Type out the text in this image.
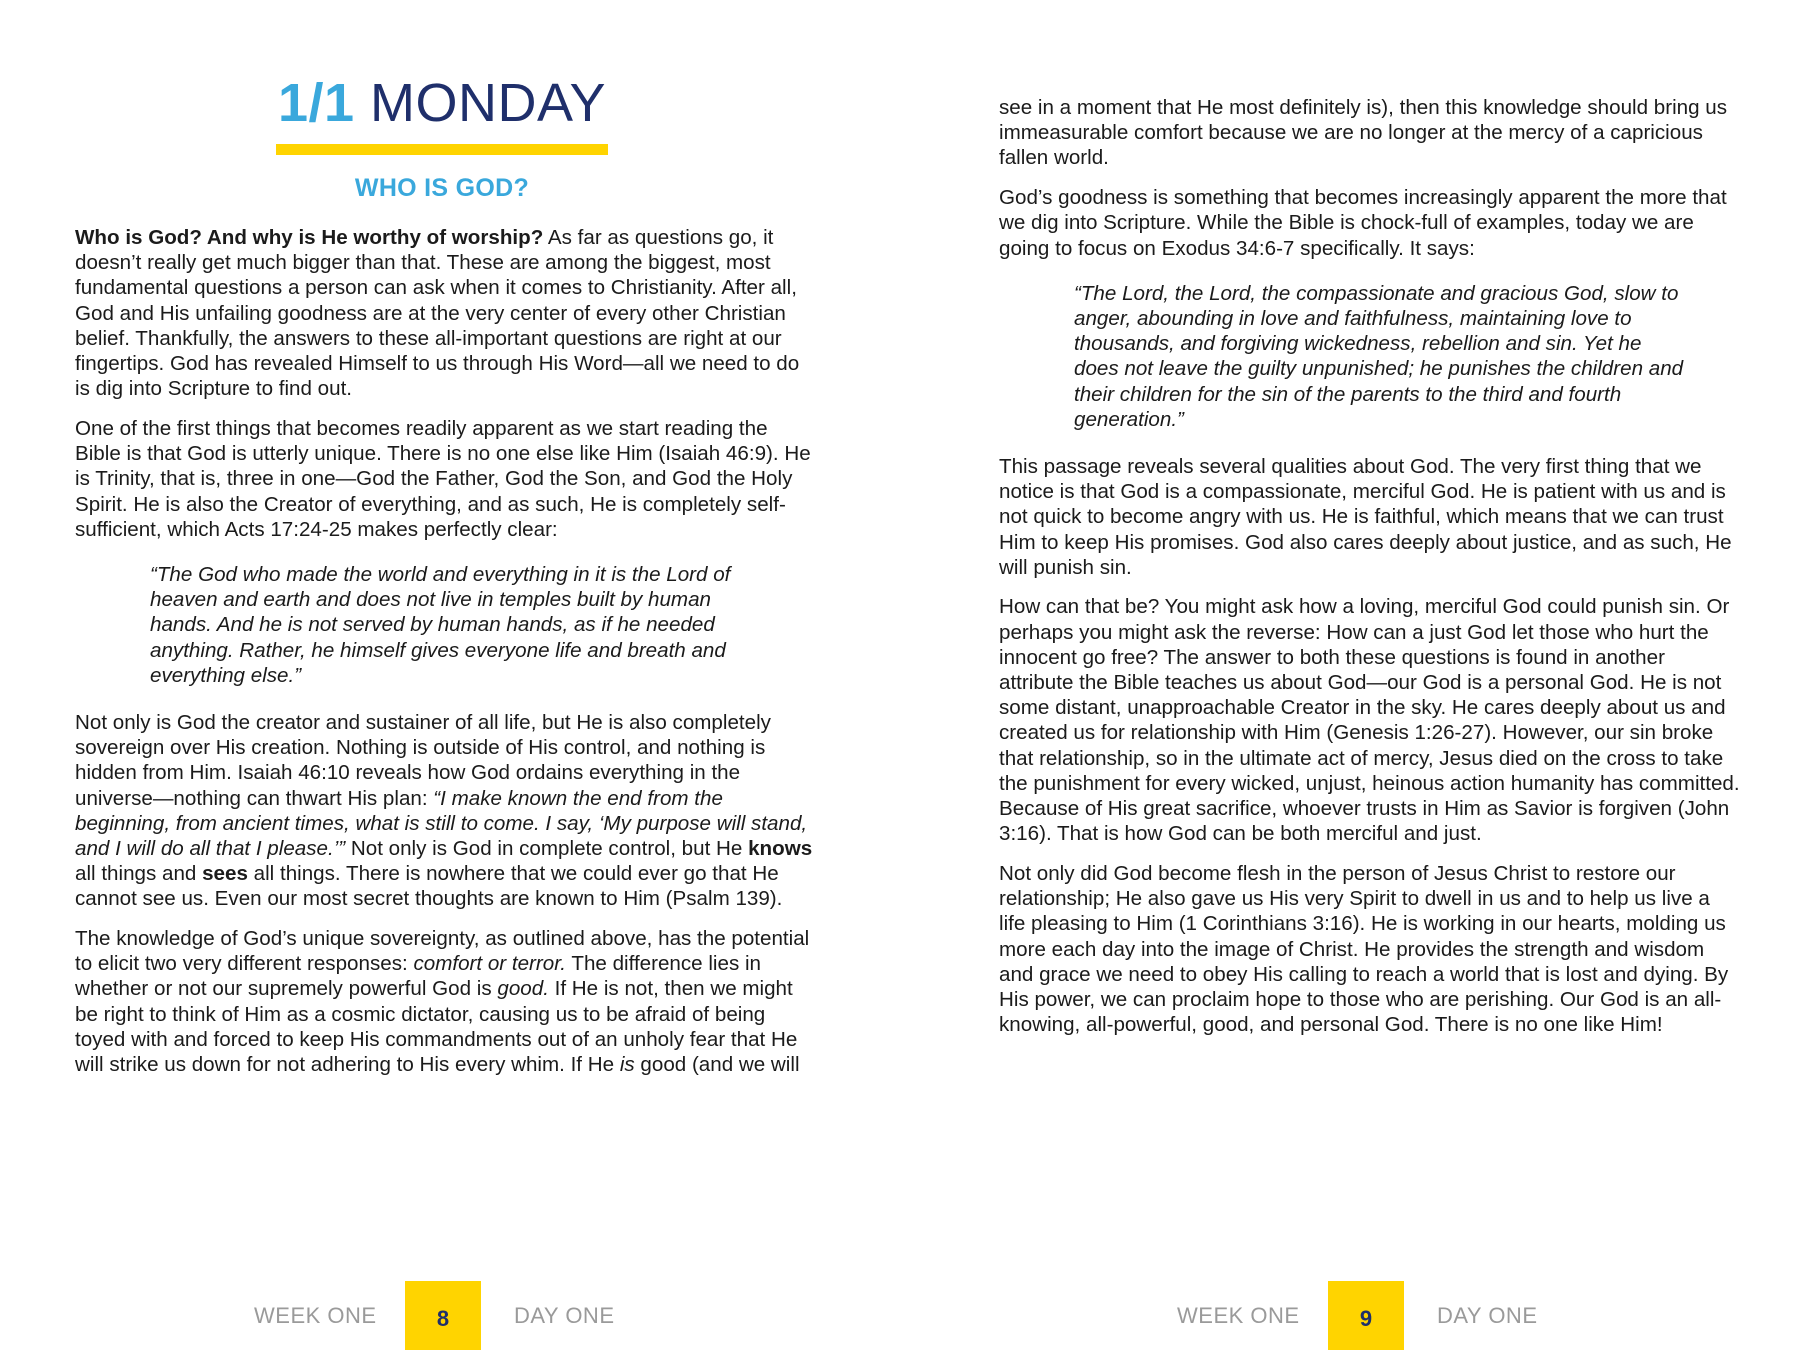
1/1 MONDAY
WHO IS GOD?

Who is God? And why is He worthy of worship? As far as questions go, it doesn’t really get much bigger than that. These are among the biggest, most fundamental questions a person can ask when it comes to Christianity. After all, God and His unfailing goodness are at the very center of every other Christian belief. Thankfully, the answers to these all-important questions are right at our fingertips. God has revealed Himself to us through His Word—all we need to do is dig into Scripture to find out.

One of the first things that becomes readily apparent as we start reading the Bible is that God is utterly unique. There is no one else like Him (Isaiah 46:9). He is Trinity, that is, three in one—God the Father, God the Son, and God the Holy Spirit. He is also the Creator of everything, and as such, He is completely self-sufficient, which Acts 17:24-25 makes perfectly clear:

“The God who made the world and everything in it is the Lord of heaven and earth and does not live in temples built by human hands. And he is not served by human hands, as if he needed anything. Rather, he himself gives everyone life and breath and everything else.”

Not only is God the creator and sustainer of all life, but He is also completely sovereign over His creation. Nothing is outside of His control, and nothing is hidden from Him. Isaiah 46:10 reveals how God ordains everything in the universe—nothing can thwart His plan: “I make known the end from the beginning, from ancient times, what is still to come. I say, ‘My purpose will stand, and I will do all that I please.’” Not only is God in complete control, but He knows all things and sees all things. There is nowhere that we could ever go that He cannot see us. Even our most secret thoughts are known to Him (Psalm 139).

The knowledge of God’s unique sovereignty, as outlined above, has the potential to elicit two very different responses: comfort or terror. The difference lies in whether or not our supremely powerful God is good. If He is not, then we might be right to think of Him as a cosmic dictator, causing us to be afraid of being toyed with and forced to keep His commandments out of an unholy fear that He will strike us down for not adhering to His every whim. If He is good (and we will

WEEK ONE	8	DAY ONE

see in a moment that He most definitely is), then this knowledge should bring us immeasurable comfort because we are no longer at the mercy of a capricious fallen world.

God’s goodness is something that becomes increasingly apparent the more that we dig into Scripture. While the Bible is chock-full of examples, today we are going to focus on Exodus 34:6-7 specifically. It says:

“The Lord, the Lord, the compassionate and gracious God, slow to anger, abounding in love and faithfulness, maintaining love to thousands, and forgiving wickedness, rebellion and sin. Yet he does not leave the guilty unpunished; he punishes the children and their children for the sin of the parents to the third and fourth generation.”

This passage reveals several qualities about God. The very first thing that we notice is that God is a compassionate, merciful God. He is patient with us and is not quick to become angry with us. He is faithful, which means that we can trust Him to keep His promises. God also cares deeply about justice, and as such, He will punish sin.

How can that be? You might ask how a loving, merciful God could punish sin. Or perhaps you might ask the reverse: How can a just God let those who hurt the innocent go free? The answer to both these questions is found in another attribute the Bible teaches us about God—our God is a personal God. He is not some distant, unapproachable Creator in the sky. He cares deeply about us and created us for relationship with Him (Genesis 1:26-27). However, our sin broke that relationship, so in the ultimate act of mercy, Jesus died on the cross to take the punishment for every wicked, unjust, heinous action humanity has committed. Because of His great sacrifice, whoever trusts in Him as Savior is forgiven (John 3:16). That is how God can be both merciful and just.

Not only did God become flesh in the person of Jesus Christ to restore our relationship; He also gave us His very Spirit to dwell in us and to help us live a life pleasing to Him (1 Corinthians 3:16). He is working in our hearts, molding us more each day into the image of Christ. He provides the strength and wisdom and grace we need to obey His calling to reach a world that is lost and dying. By His power, we can proclaim hope to those who are perishing. Our God is an all-knowing, all-powerful, good, and personal God. There is no one like Him!

WEEK ONE	9	DAY ONE
